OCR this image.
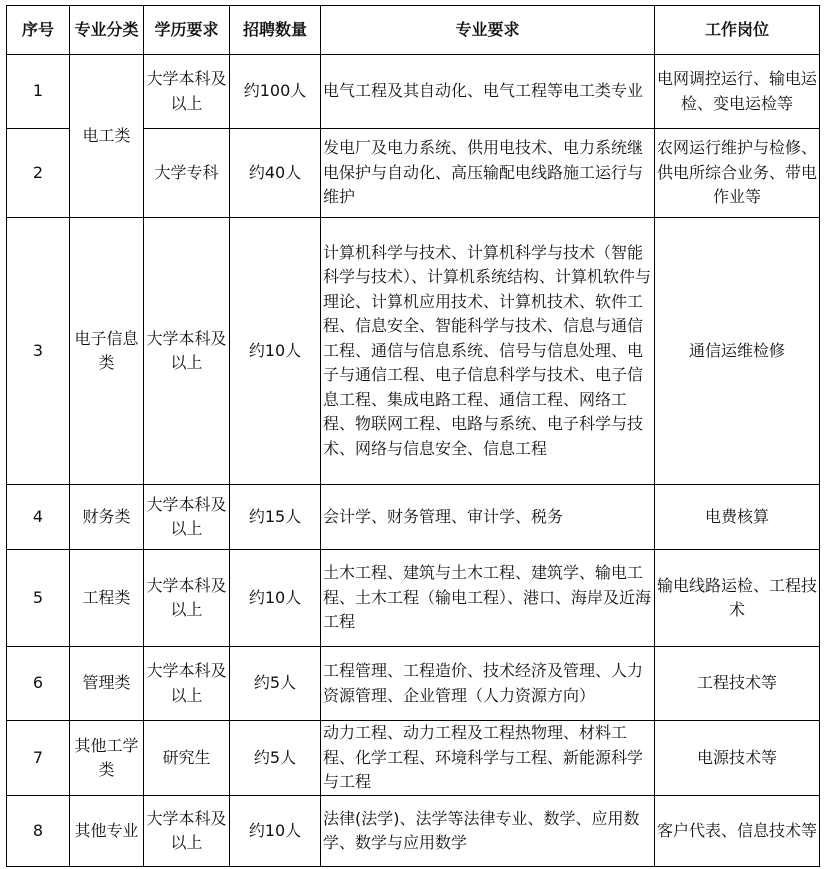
序号	专业分类	学历要求	招聘数量	专业要求	工作岗位
1	电工类	大学本科及以上	约100人	电气工程及其自动化、电气工程等电工类专业	电网调控运行、输电运检、变电运检等
2		大学专科	约40人	发电厂及电力系统、供用电技术、电力系统继电保护与自动化、高压输配电线路施工运行与维护	农网运行维护与检修、供电所综合业务、带电作业等
3	电子信息类	大学本科及以上	约10人	计算机科学与技术、计算机科学与技术（智能科学与技术）、计算机系统结构、计算机软件与理论、计算机应用技术、计算机技术、软件工程、信息安全、智能科学与技术、信息与通信工程、通信与信息系统、信号与信息处理、电子与通信工程、电子信息科学与技术、电子信息工程、集成电路工程、通信工程、网络工程、物联网工程、电路与系统、电子科学与技术、网络与信息安全、信息工程	通信运维检修
4	财务类	大学本科及以上	约15人	会计学、财务管理、审计学、税务	电费核算
5	工程类	大学本科及以上	约10人	土木工程、建筑与土木工程、建筑学、输电工程、土木工程（输电工程）、港口、海岸及近海工程	输电线路运检、工程技术
6	管理类	大学本科及以上	约5人	工程管理、工程造价、技术经济及管理、人力资源管理、企业管理（人力资源方向）	工程技术等
7	其他工学类	研究生	约5人	动力工程、动力工程及工程热物理、材料工程、化学工程、环境科学与工程、新能源科学与工程	电源技术等
8	其他专业	大学本科及以上	约10人	法律(法学)、法学等法律专业、数学、应用数学、数学与应用数学	客户代表、信息技术等
